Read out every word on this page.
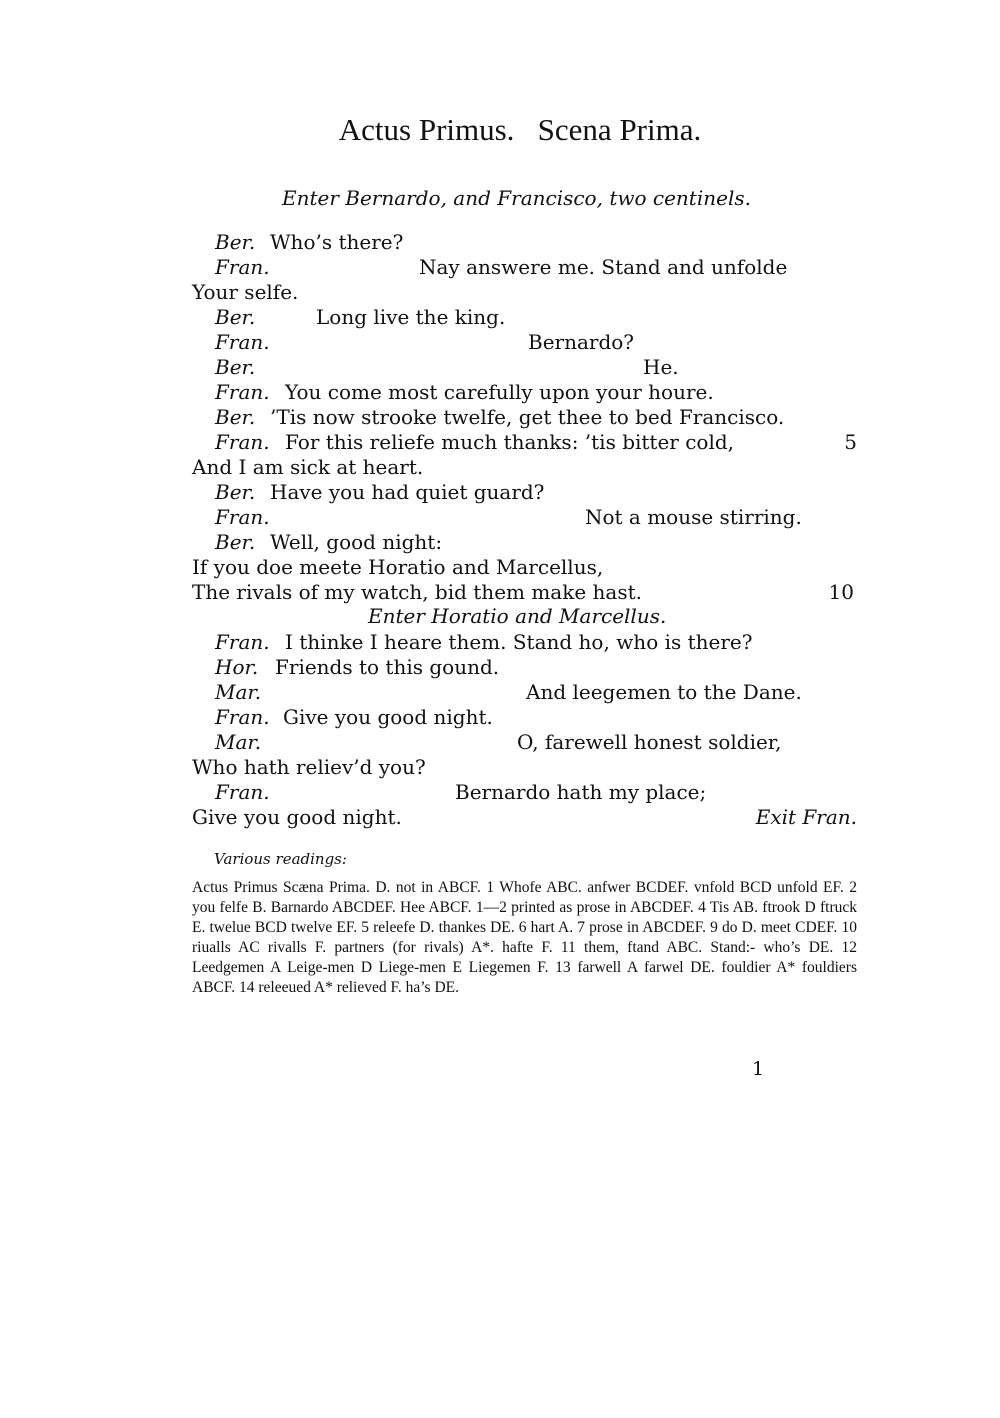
Actus Primus.   Scena Prima.
Enter Bernardo, and Francisco, two centinels.
Ber. Who’s there?
Fran.	Nay answere me. Stand and unfolde
Your selfe.
Ber.	Long live the king.
Fran.	Bernardo?
Ber.	He.
Fran. You come most carefully upon your houre.
Ber. ’Tis now strooke twelfe, get thee to bed Francisco.
Fran. For this reliefe much thanks: ’tis bitter cold,	5
And I am sick at heart.
Ber. Have you had quiet guard?
Fran.	Not a mouse stirring.
Ber. Well, good night:
If you doe meete Horatio and Marcellus,
The rivals of my watch, bid them make hast.	10
Enter Horatio and Marcellus.
Fran. I thinke I heare them. Stand ho, who is there?
Hor. Friends to this gound.
Mar.	And leegemen to the Dane.
Fran. Give you good night.
Mar.	O, farewell honest soldier,
Who hath reliev’d you?
Fran.	Bernardo hath my place;
Give you good night.	Exit Fran.
Various readings:
Actus Primus Scæna Prima. D. not in ABCF. 1 Whofe ABC. anfwer BCDEF. vnfold BCD unfold EF. 2 you felfe B. Barnardo ABCDEF. Hee ABCF. 1—2 printed as prose in ABCDEF. 4 Tis AB. ftrook D ftruck E. twelue BCD twelve EF. 5 releefe D. thankes DE. 6 hart A. 7 prose in ABCDEF. 9 do D. meet CDEF. 10 riualls AC rivalls F. partners (for rivals) A*. hafte F. 11 them, ftand ABC. Stand:- who’s DE. 12 Leedgemen A Leige-men D Liege-men E Liegemen F. 13 farwell A farwel DE. fouldier A* fouldiers ABCF. 14 releeued A* relieved F. ha’s DE.
1
